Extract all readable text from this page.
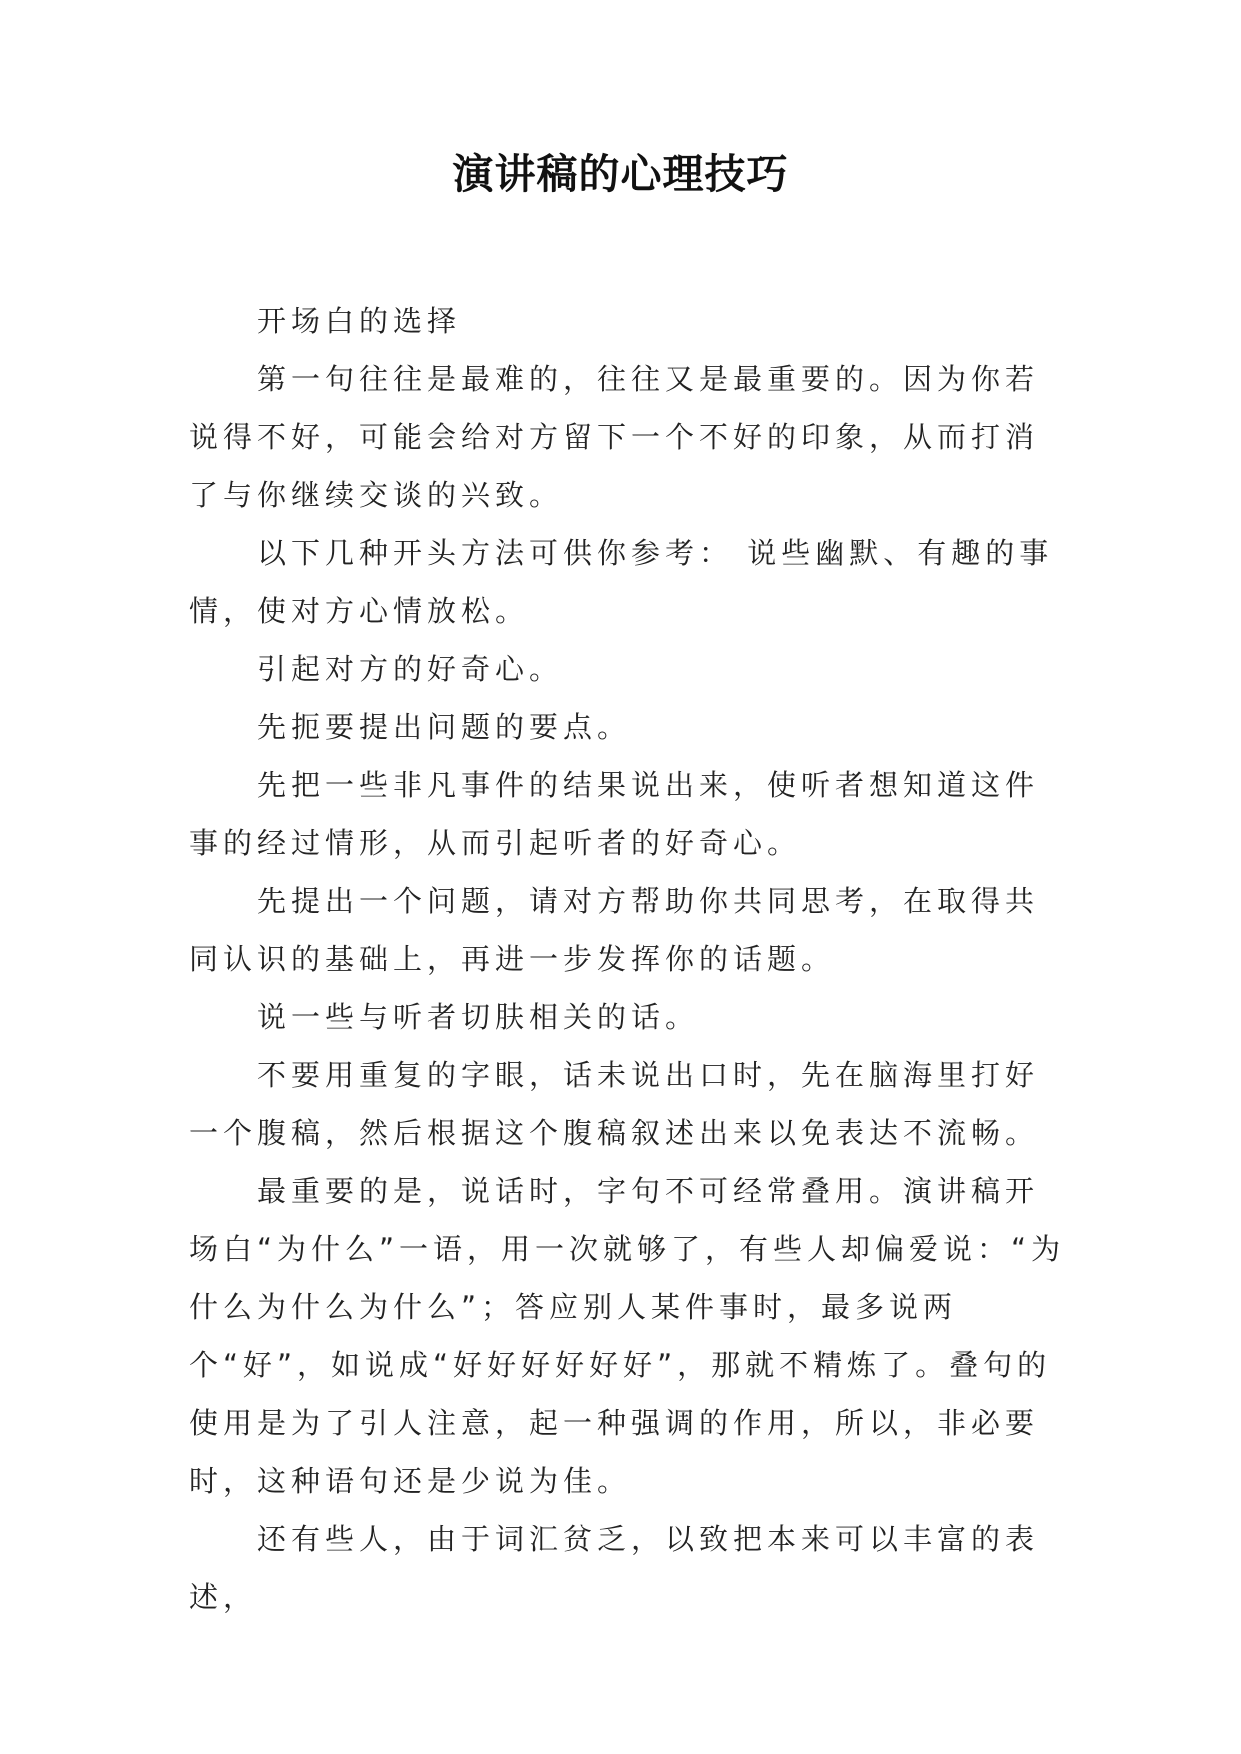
演讲稿的心理技巧

开场白的选择

第一句往往是最难的，往往又是最重要的。因为你若说得不好，可能会给对方留下一个不好的印象，从而打消了与你继续交谈的兴致。

以下几种开头方法可供你参考： 说些幽默、有趣的事情，使对方心情放松。

引起对方的好奇心。

先扼要提出问题的要点。

先把一些非凡事件的结果说出来，使听者想知道这件事的经过情形，从而引起听者的好奇心。

先提出一个问题，请对方帮助你共同思考，在取得共同认识的基础上，再进一步发挥你的话题。

说一些与听者切肤相关的话。

不要用重复的字眼，话未说出口时，先在脑海里打好一个腹稿，然后根据这个腹稿叙述出来以免表达不流畅。

最重要的是，说话时，字句不可经常叠用。演讲稿开场白“为什么”一语，用一次就够了，有些人却偏爱说：“为什么为什么为什么”；答应别人某件事时，最多说两个“好”，如说成“好好好好好好”，那就不精炼了。叠句的使用是为了引人注意，起一种强调的作用，所以，非必要时，这种语句还是少说为佳。

还有些人，由于词汇贫乏，以致把本来可以丰富的表述，
